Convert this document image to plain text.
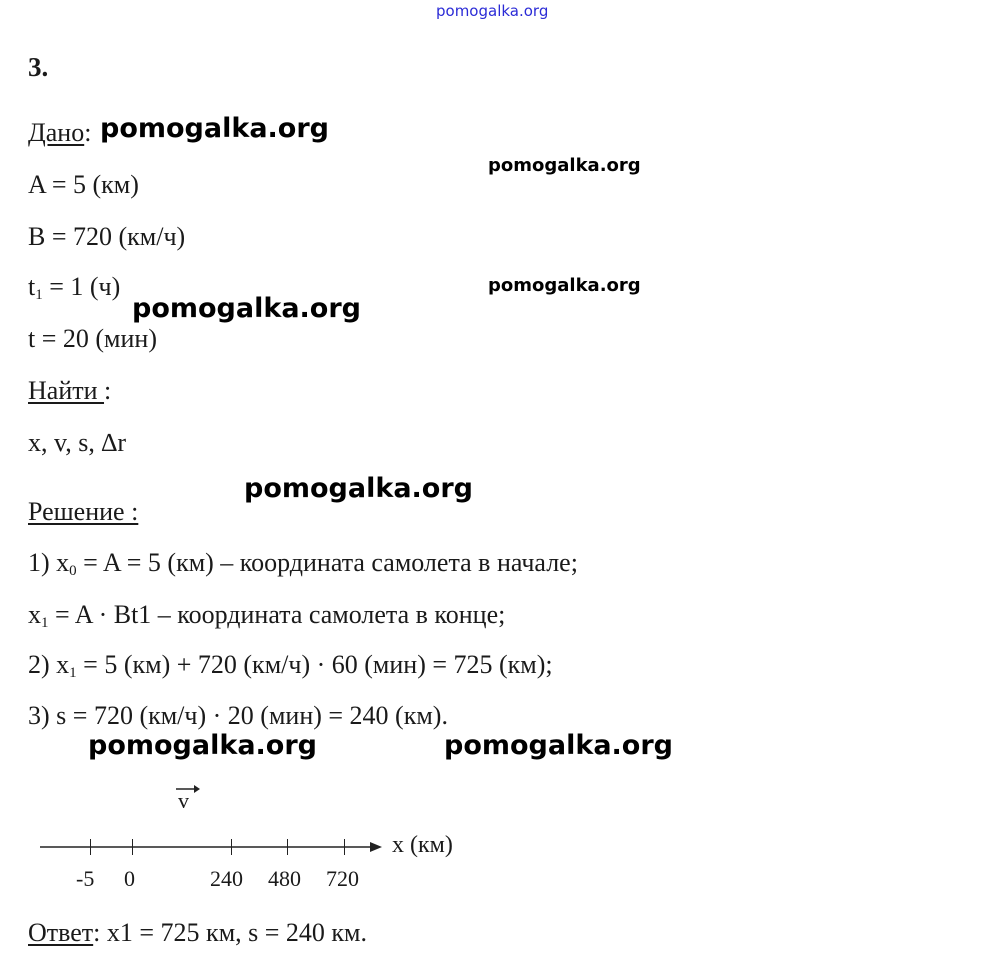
pomogalka.org
3.
Дано: pomogalka.org
A = 5 (км)
pomogalka.org
B = 720 (км/ч)
$t_1 = 1$ (ч)	pomogalka.org
pomogalka.org
t = 20 (мин)
Найти :
x, v, s, ∆r
pomogalka.org
Решение :
1) $x_0 = A = 5$ (км) – координата самолета в начале;
$x_1 = A \cdot Bt1$ – координата самолета в конце;
2) $x_1 = 5$ (км) + 720 (км/ч) · 60 (мин) = 725 (км);
3) s = 720 (км/ч) · 20 (мин) = 240 (км).
pomogalka.org	pomogalka.org
v
x (км)
-5 0	240 480 720
Ответ: x1 = 725 км, s = 240 км.
